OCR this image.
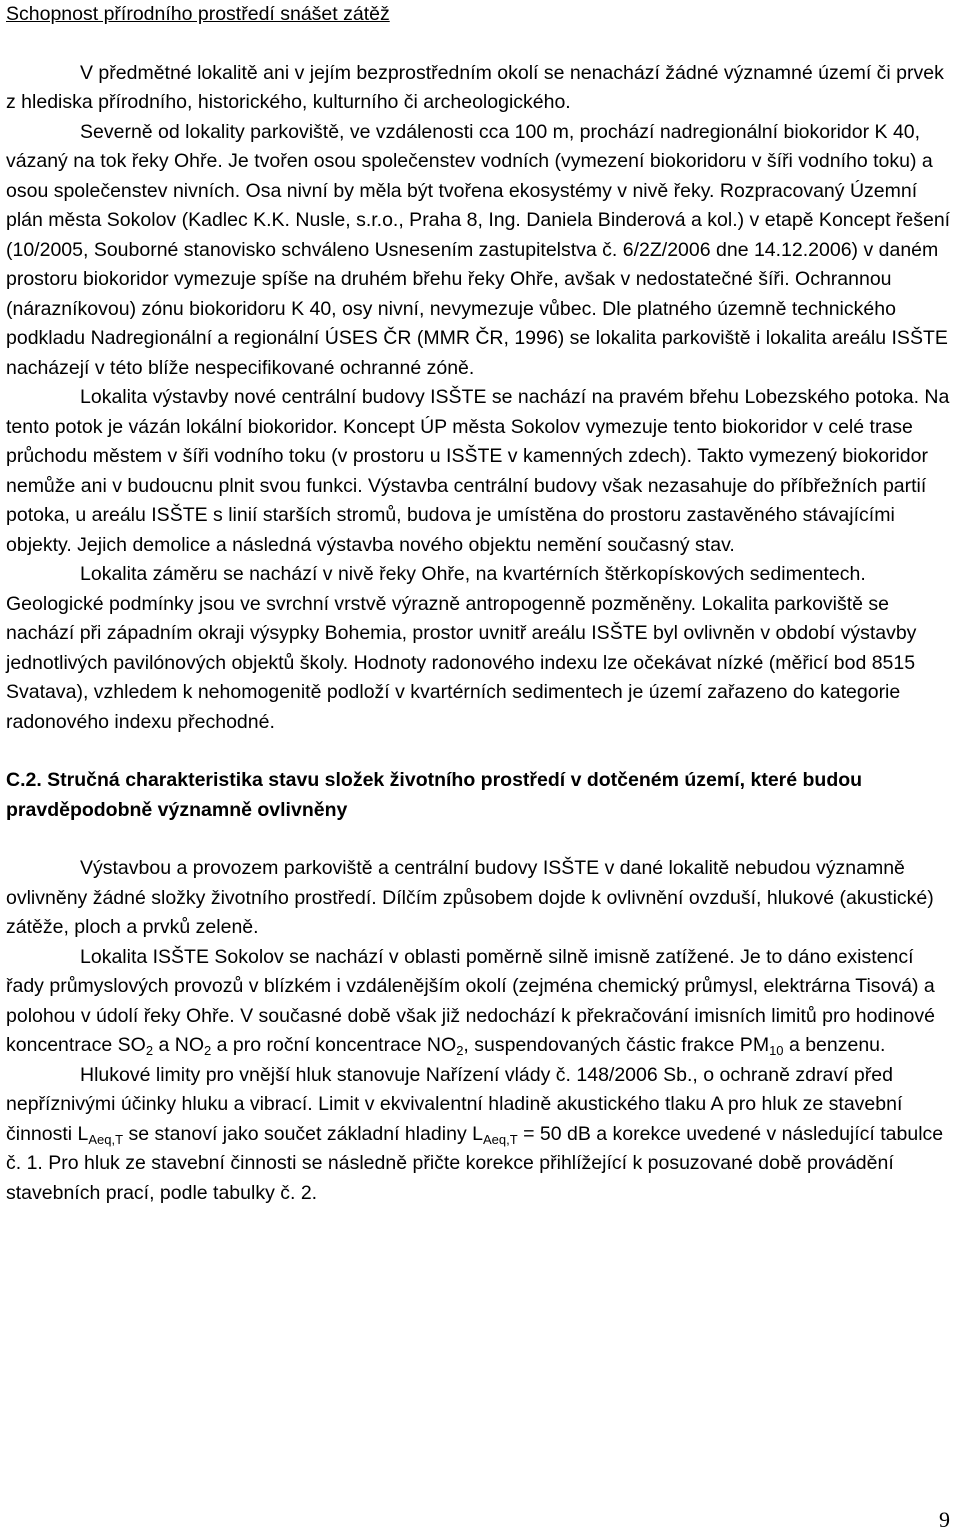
Schopnost přírodního prostředí snášet zátěž

V předmětné lokalitě ani v jejím bezprostředním okolí se nenachází žádné významné území či prvek z hlediska přírodního, historického, kulturního či archeologického.

Severně od lokality parkoviště, ve vzdálenosti cca 100 m, prochází nadregionální biokoridor K 40, vázaný na tok řeky Ohře. Je tvořen osou společenstev vodních (vymezení biokoridoru v šíři vodního toku) a osou společenstev nivních. Osa nivní by měla být tvořena ekosystémy v nivě řeky. Rozpracovaný Územní plán města Sokolov (Kadlec K.K. Nusle, s.r.o., Praha 8, Ing. Daniela Binderová a kol.) v etapě Koncept řešení (10/2005, Souborné stanovisko schváleno Usnesením zastupitelstva č. 6/2Z/2006 dne 14.12.2006) v daném prostoru biokoridor vymezuje spíše na druhém břehu řeky Ohře, avšak v nedostatečné šíři. Ochrannou (nárazníkovou) zónu biokoridoru K 40, osy nivní, nevymezuje vůbec. Dle platného územně technického podkladu Nadregionální a regionální ÚSES ČR (MMR ČR, 1996) se lokalita parkoviště i lokalita areálu ISŠTE nacházejí v této blíže nespecifikované ochranné zóně.

Lokalita výstavby nové centrální budovy ISŠTE se nachází na pravém břehu Lobezského potoka. Na tento potok je vázán lokální biokoridor. Koncept ÚP města Sokolov vymezuje tento biokoridor v celé trase průchodu městem v šíři vodního toku (v prostoru u ISŠTE v kamenných zdech). Takto vymezený biokoridor nemůže ani v budoucnu plnit svou funkci. Výstavba centrální budovy však nezasahuje do příbřežních partií potoka, u areálu ISŠTE s linií starších stromů, budova je umístěna do prostoru zastavěného stávajícími objekty. Jejich demolice a následná výstavba nového objektu nemění současný stav.

Lokalita záměru se nachází v nivě řeky Ohře, na kvartérních štěrkopískových sedimentech. Geologické podmínky jsou ve svrchní vrstvě výrazně antropogenně pozměněny. Lokalita parkoviště se nachází při západním okraji výsypky Bohemia, prostor uvnitř areálu ISŠTE byl ovlivněn v období výstavby jednotlivých pavilónových objektů školy. Hodnoty radonového indexu lze očekávat nízké (měřicí bod 8515 Svatava), vzhledem k nehomogenitě podloží v kvartérních sedimentech je území zařazeno do kategorie radonového indexu přechodné.

C.2. Stručná charakteristika stavu složek životního prostředí v dotčeném území, které budou pravděpodobně významně ovlivněny

Výstavbou a provozem parkoviště a centrální budovy ISŠTE v dané lokalitě nebudou významně ovlivněny žádné složky životního prostředí. Dílčím způsobem dojde k ovlivnění ovzduší, hlukové (akustické) zátěže, ploch a prvků zeleně.

Lokalita ISŠTE Sokolov se nachází v oblasti poměrně silně imisně zatížené. Je to dáno existencí řady průmyslových provozů v blízkém i vzdálenějším okolí (zejména chemický průmysl, elektrárna Tisová) a polohou v údolí řeky Ohře. V současné době však již nedochází k překračování imisních limitů pro hodinové koncentrace $SO_2$ a $NO_2$ a pro roční koncentrace $NO_2$, suspendovaných částic frakce $PM_{10}$ a benzenu.

Hlukové limity pro vnější hluk stanovuje Nařízení vlády č. 148/2006 Sb., o ochraně zdraví před nepříznivými účinky hluku a vibrací. Limit v ekvivalentní hladině akustického tlaku A pro hluk ze stavební činnosti $L_{Aeq,T}$ se stanoví jako součet základní hladiny $L_{Aeq,T} = 50$ dB a korekce uvedené v následující tabulce č. 1. Pro hluk ze stavební činnosti se následně přičte korekce přihlížející k posuzované době provádění stavebních prací, podle tabulky č. 2.

9
